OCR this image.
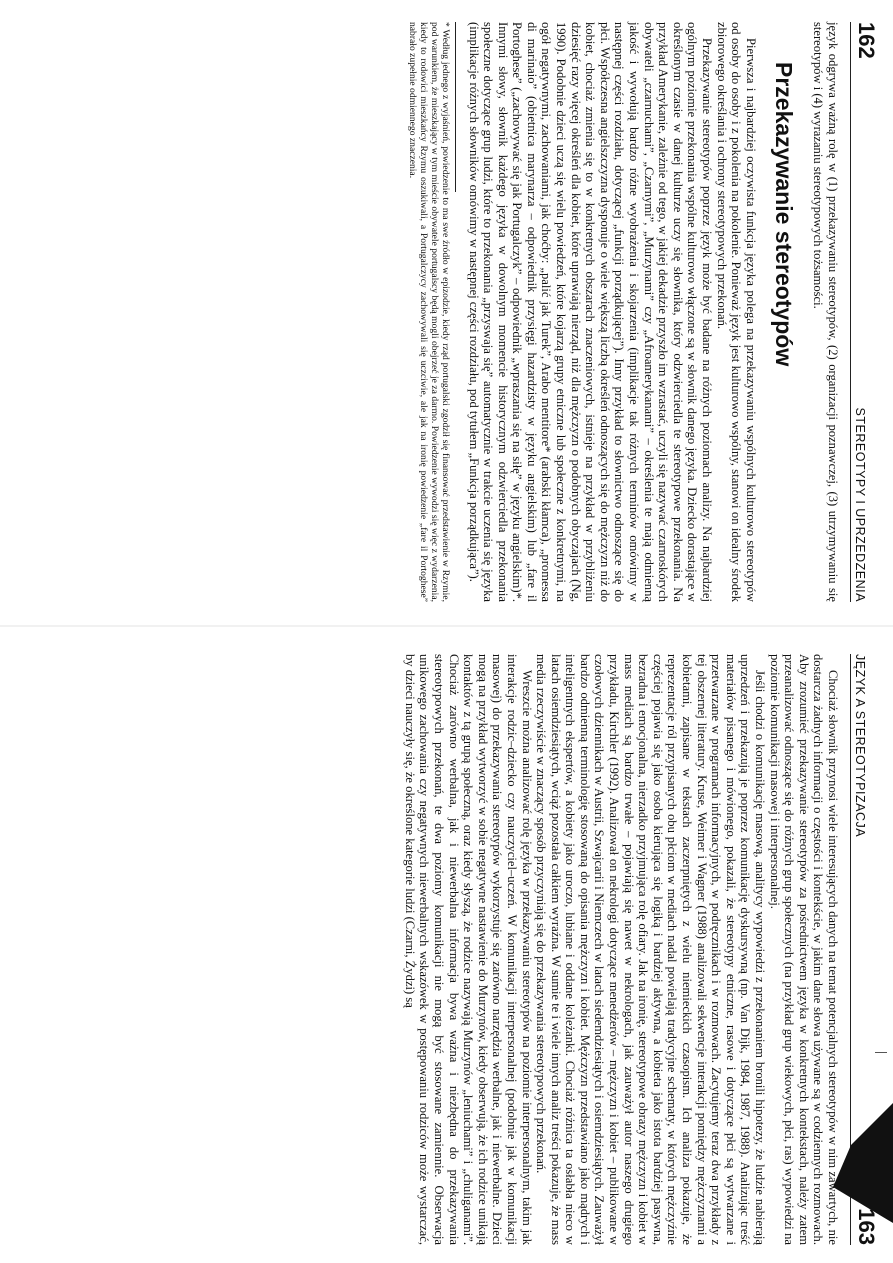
162
STEREOTYPY I UPRZEDZENIA

język odgrywa ważną rolę w (1) przekazywaniu stereotypów, (2) organizacji poznawczej, (3) utrzymywaniu się stereotypów i (4) wyrazaniu stereotypowych tożsamości.

Przekazywanie stereotypów

Pierwsza i najbardziej oczywista funkcja języka polega na przekazywaniu wspólnych kulturowo stereotypów od osoby do osoby i z pokolenia na pokolenie. Ponieważ język jest kulturowo wspólny, stanowi on idealny środek zbiorowego określania i ochrony stereotypowych przekonań.

Przekazywanie stereotypów poprzez język może być badane na różnych poziomach analizy. Na najbardziej ogólnym poziomie przekonania wspólne kulturowo włączone są w słownik danego języka. Dziecko dorastające w określonym czasie w danej kulturze uczy się słownika, który odzwierciedla te stereotypowe przekonania. Na przykład Amerykanie, zależnie od tego, w jakiej dekadzie przyszło im wzrastać, uczyli się nazywać czarnoskórych obywateli „czarnuchami”, „Czarnymi”, „Murzynami” czy „Afroamerykanami” – określenia te mają odmienną jakość i wywołują bardzo różne wyobrażenia i skojarzenia (implikacje tak różnych terminów omówimy w następnej części rozdziału, dotyczącej „funkcji porządkującej”). Inny przykład to słownictwo odnoszące się do płci. Współczesna angielszczyzna dysponuje o wiele większą liczbą określeń odnoszących się do mężczyzn niż do kobiet, chociaż zmienia się to w konkretnych obszarach znaczeniowych, istnieje na przykład w przybliżeniu dziesięć razy więcej określeń dla kobiet, które uprawiają nierząd, niż dla mężczyzn o podobnych obyczajach (Ng, 1990). Podobnie dzieci uczą się wielu powiedzeń, które kojarzą grupy etniczne lub społeczne z konkretnymi, na ogół negatywnymi, zachowaniami, jak choćby: „palić jak Turek”, Arabo mentitore* (arabski kłamca), „promessa di marinaio” (obietnica marynarza – odpowiednik przysięgi hazardzisty w języku angielskim) lub „fare il Portoghese” („zachowywać się jak Portugalczyk” – odpowiednik „wpraszania się na siłę” w języku angielskim)*. Innymi słowy, słownik każdego języka w dowolnym momencie historycznym odzwierciedla przekonania społeczne dotyczące grup ludzi, które to przekonania „przyswaja się” automatycznie w trakcie uczenia się języka (implikacje różnych słowników omówimy w następnej części rozdziału, pod tytułem „Funkcja porządkująca”).

* Według jednego z wyjaśnień, powiedzenie to ma swe źródło w epizodzie, kiedy rząd portugalski zgodził się finansować przedstawienie w Rzymie, pod warunkiem, że mieszkający w tym mieście obywatele portugalscy będą mogli obejrzeć je za darmo. Powiedzenie wywodzi się więc z wydarzenia, kiedy to rodowici mieszkańcy Rzymu oszukiwali, a Portugalczycy zachowywali się uczciwie, ale jak na ironię powiedzenie „fare il Portoghese” nabrało zupełnie odmiennego znaczenia.

JĘZYK A STEREOTYPIZACJA
163

Chociaż słownik przynosi wiele interesujących danych na temat potencjalnych stereotypów w nim zawartych, nie dostarcza żadnych informacji o częstości i kontekście, w jakim dane słowa używane są w codziennych rozmowach. Aby zrozumieć przekazywanie stereotypów za pośrednictwem języka w konkretnych kontekstach, należy zatem przeanalizować odnoszące się do różnych grup społecznych (na przykład grup wiekowych, płci, ras) wypowiedzi na poziomie komunikacji masowej i interpersonalnej.

Jeśli chodzi o komunikację masową, analitycy wypowiedzi z przekonaniem bronili hipotezy, że ludzie nabierają uprzedzeń i przekazują je poprzez komunikację dyskursywną (np. Van Dijk, 1984, 1987, 1988). Analizując treść materiałów pisanego i mówionego, pokazali, że stereotypy etniczne, rasowe i dotyczące płci są wytwarzane i przetwarzane w programach informacyjnych, w podręcznikach i w rozmowach. Zacytujemy teraz dwa przykłady z tej obszernej literatury. Kruse, Weimer i Wagner (1988) analizowali sekwencje interakcji pomiędzy mężczyznami a kobietami, zapisane w tekstach zaczerpniętych z wielu niemieckich czasopism. Ich analiza pokazuje, że reprezentacje ról przypisanych obu płciom w mediach nadal powielają tradycyjne schematy, w których mężczyźnie częściej pojawia się jako osoba kierująca się logiką i bardziej aktywna, a kobieta jako istota bardziej pasywna, bezradna i emocjonalna, nierzadko przyjmująca rolę ofiary. Jak na ironię, stereotypowe obrazy mężczyzn i kobiet w mass mediach są bardzo trwałe – pojawiają się nawet w nekrologach, jak zauważył autor naszego drugiego przykładu, Kirchler (1992). Analizował on nekrologi dotyczące menedżerów – mężczyzn i kobiet – publikowane w czołowych dziennikach w Austrii, Szwajcarii i Niemczech w latach siedemdziesiątych i osiemdziesiątych. Zauważył bardzo odmienną terminologię stosowaną do opisania mężczyzn i kobiet. Mężczyzn przedstawiano jako mądrych i inteligentnych ekspertów, a kobiety jako uroczo, lubiane i oddane koleżanki. Chociaż różnica ta osłabła nieco w latach osiemdziesiątych, wciąż pozostała całkiem wyraźna. W sumie te i wiele innych analiz treści pokazuje, że mass media rzeczywiście w znaczący sposób przyczyniają się do przekazywania stereotypowych przekonań.

Wreszcie można analizować rolę języka w przekazywaniu stereotypów na poziomie interpersonalnym, takim jak interakcje rodzic–dziecko czy nauczyciel–uczeń. W komunikacji interpersonalnej (podobnie jak w komunikacji masowej) do przekazywania stereotypów wykorzystuje się zarówno narzędzia werbalne, jak i niewerbalne. Dzieci mogą na przykład wytworzyć w sobie negatywne nastawienie do Murzynów, kiedy obserwują, że ich rodzice unikają kontaktów z tą grupą społeczną, oraz kiedy słyszą, że rodzice nazywają Murzynów „leniuchami” i „chuliganami”. Chociaż zarówno werbalna, jak i niewerbalna informacja bywa ważna i niezbędna do przekazywania stereotypowych przekonań, te dwa poziomy komunikacji nie mogą być stosowane zamiennie. Obserwacja unikowego zachowania czy negatywnych niewerbalnych wskazówek w postępowaniu rodziców może wystarczać, by dzieci nauczyły się, że określone kategorie ludzi (Czarni, Żydzi) są
